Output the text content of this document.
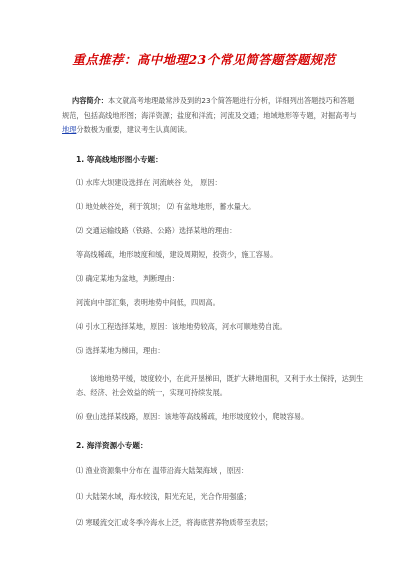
重点推荐：高中地理23个常见简答题答题规范
内容简介：本文就高考地理最常涉及到的23个简答题进行分析，详细列出答题技巧和答题规范，包括高线地形图；海洋资源；盐度和洋流；河流及交通；地域地形等专题，对掘高考与地理分数极为重要，建议考生认真阅读。
1. 等高线地形图小专题：
⑴ 水库大坝建设选择在 河流峡谷 处， 原因：
⑴ 地处峡谷处，利于筑坝； ⑵ 有盆地地形，蓄水量大。
⑵ 交通运输线路（铁路、公路）选择某地的理由：
等高线稀疏，地形坡度和缓，建设周期短，投资少，施工容易。
⑶ 确定某地为盆地，判断理由：
河流向中部汇集，表明地势中间低，四周高。
⑷ 引水工程选择某地，原因：该地地势较高，河水可顺地势自流。
⑸ 选择某地为梯田，理由：
该地地势平缓，坡度较小，在此开垦梯田，既扩大耕地面积，又利于水土保持，达到生态、经济、社会效益的统一，实现可持续发展。
⑹ 登山选择某线路，原因：该地等高线稀疏，地形坡度较小，爬坡容易。
2. 海洋资源小专题：
⑴ 渔业资源集中分布在 温带沿海大陆架海域 ，原因：
⑴ 大陆架水域，海水较浅，阳光充足，光合作用强盛；
⑵ 寒暖流交汇或冬季冷海水上泛，将海底营养物质带至表层；
